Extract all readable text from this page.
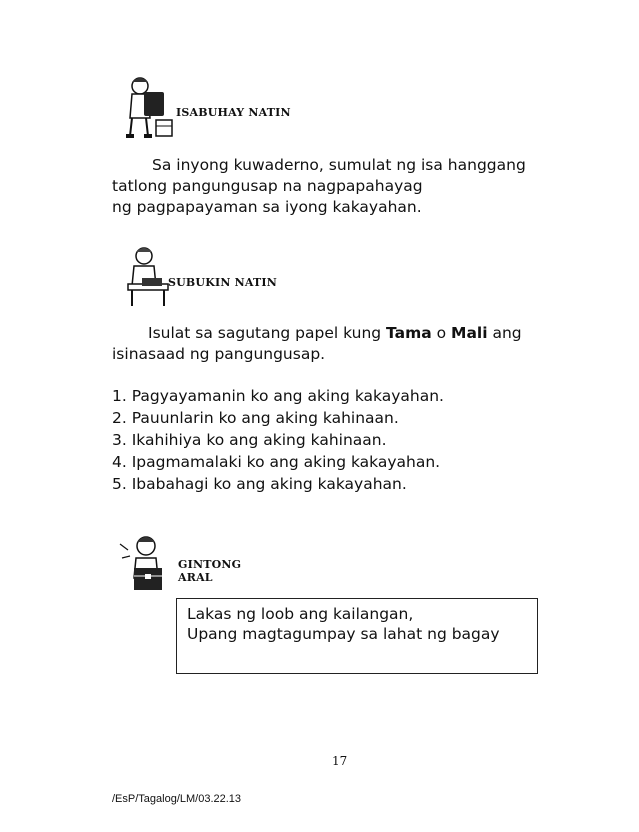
ISABUHAY NATIN

Sa inyong kuwaderno, sumulat ng isa hanggang

tatlong pangungusap na nagpapahayag

ng pagpapayaman sa iyong kakayahan.

SUBUKIN NATIN

Isulat sa sagutang papel kung Tama o Mali ang

isinasaad ng pangungusap.

1. Pagyayamanin ko ang aking kakayahan.
2. Pauunlarin ko ang aking kahinaan.
3. Ikahihiya ko ang aking kahinaan.
4. Ipagmamalaki ko ang aking kakayahan.
5. Ibabahagi ko ang aking kakayahan.
GINTONG
ARAL
Lakas ng loob ang kailangan,
Upang magtagumpay sa lahat ng bagay
17
/EsP/Tagalog/LM/03.22.13
